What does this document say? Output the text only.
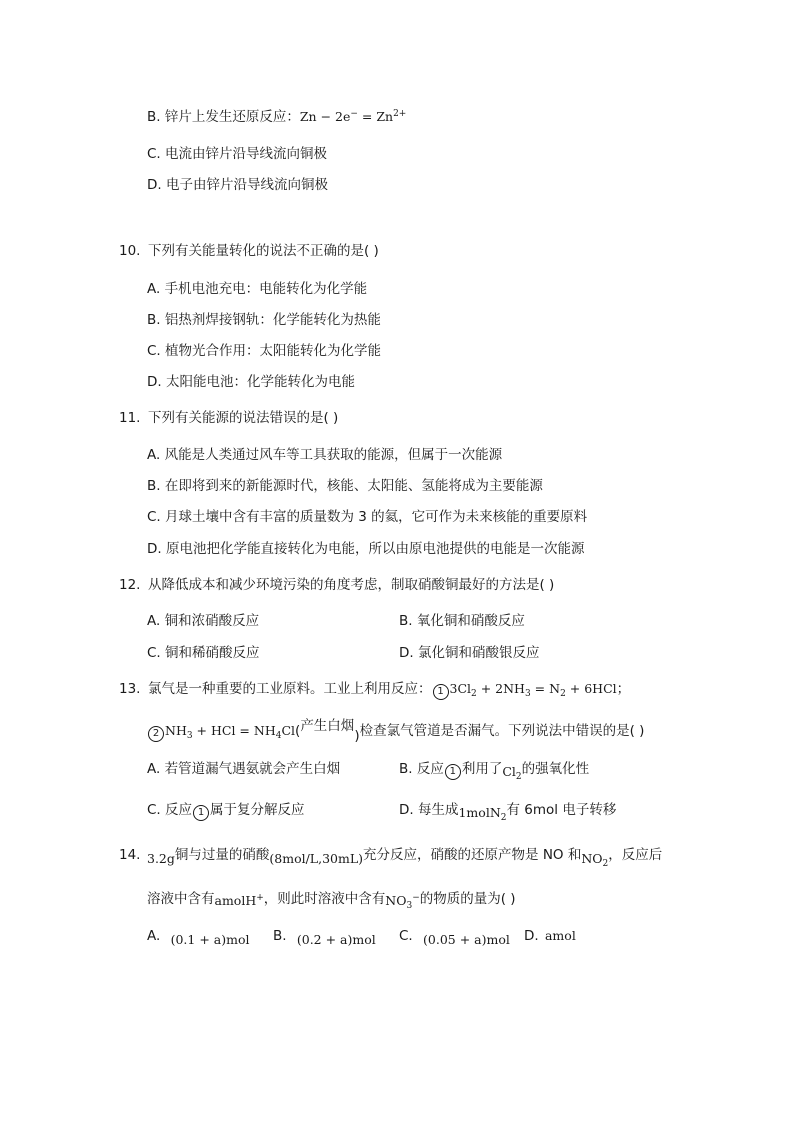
B. 锌片上发生还原反应：$Zn - 2e^- = Zn^{2+}$
C. 电流由锌片沿导线流向铜极
D. 电子由锌片沿导线流向铜极
10. 下列有关能量转化的说法不正确的是( )
A. 手机电池充电：电能转化为化学能
B. 铝热剂焊接钢轨：化学能转化为热能
C. 植物光合作用：太阳能转化为化学能
D. 太阳能电池：化学能转化为电能
11. 下列有关能源的说法错误的是( )
A. 风能是人类通过风车等工具获取的能源，但属于一次能源
B. 在即将到来的新能源时代，核能、太阳能、氢能将成为主要能源
C. 月球土壤中含有丰富的质量数为 3 的氦，它可作为未来核能的重要原料
D. 原电池把化学能直接转化为电能，所以由原电池提供的电能是一次能源
12. 从降低成本和减少环境污染的角度考虑，制取硝酸铜最好的方法是( )
A. 铜和浓硝酸反应	B. 氧化铜和硝酸反应
C. 铜和稀硝酸反应	D. 氯化铜和硝酸银反应
13. 氯气是一种重要的工业原料。工业上利用反应： 1 $3Cl_2 + 2NH_3 = N_2 + 6HCl$；
2 $NH_3$ + HCl = $NH_4Cl$(产生白烟)检查氯气管道是否漏气。下列说法中错误的是( )
A. 若管道漏气遇氨就会产生白烟	B. 反应 1 利用了$Cl_2$的强氧化性
C. 反应 1 属于复分解反应	D. 每生成1molN$_2$有 6mol 电子转移
14. 3.2g铜与过量的硝酸(8mol/L,30mL)充分反应，硝酸的还原产物是 NO 和$NO_2$，反应后
溶液中含有amolH+，则此时溶液中含有$NO_3^-$的物质的量为( )
A. (0.1 + a)mol B. (0.2 + a)mol C. (0.05 + a)mol D. amol
